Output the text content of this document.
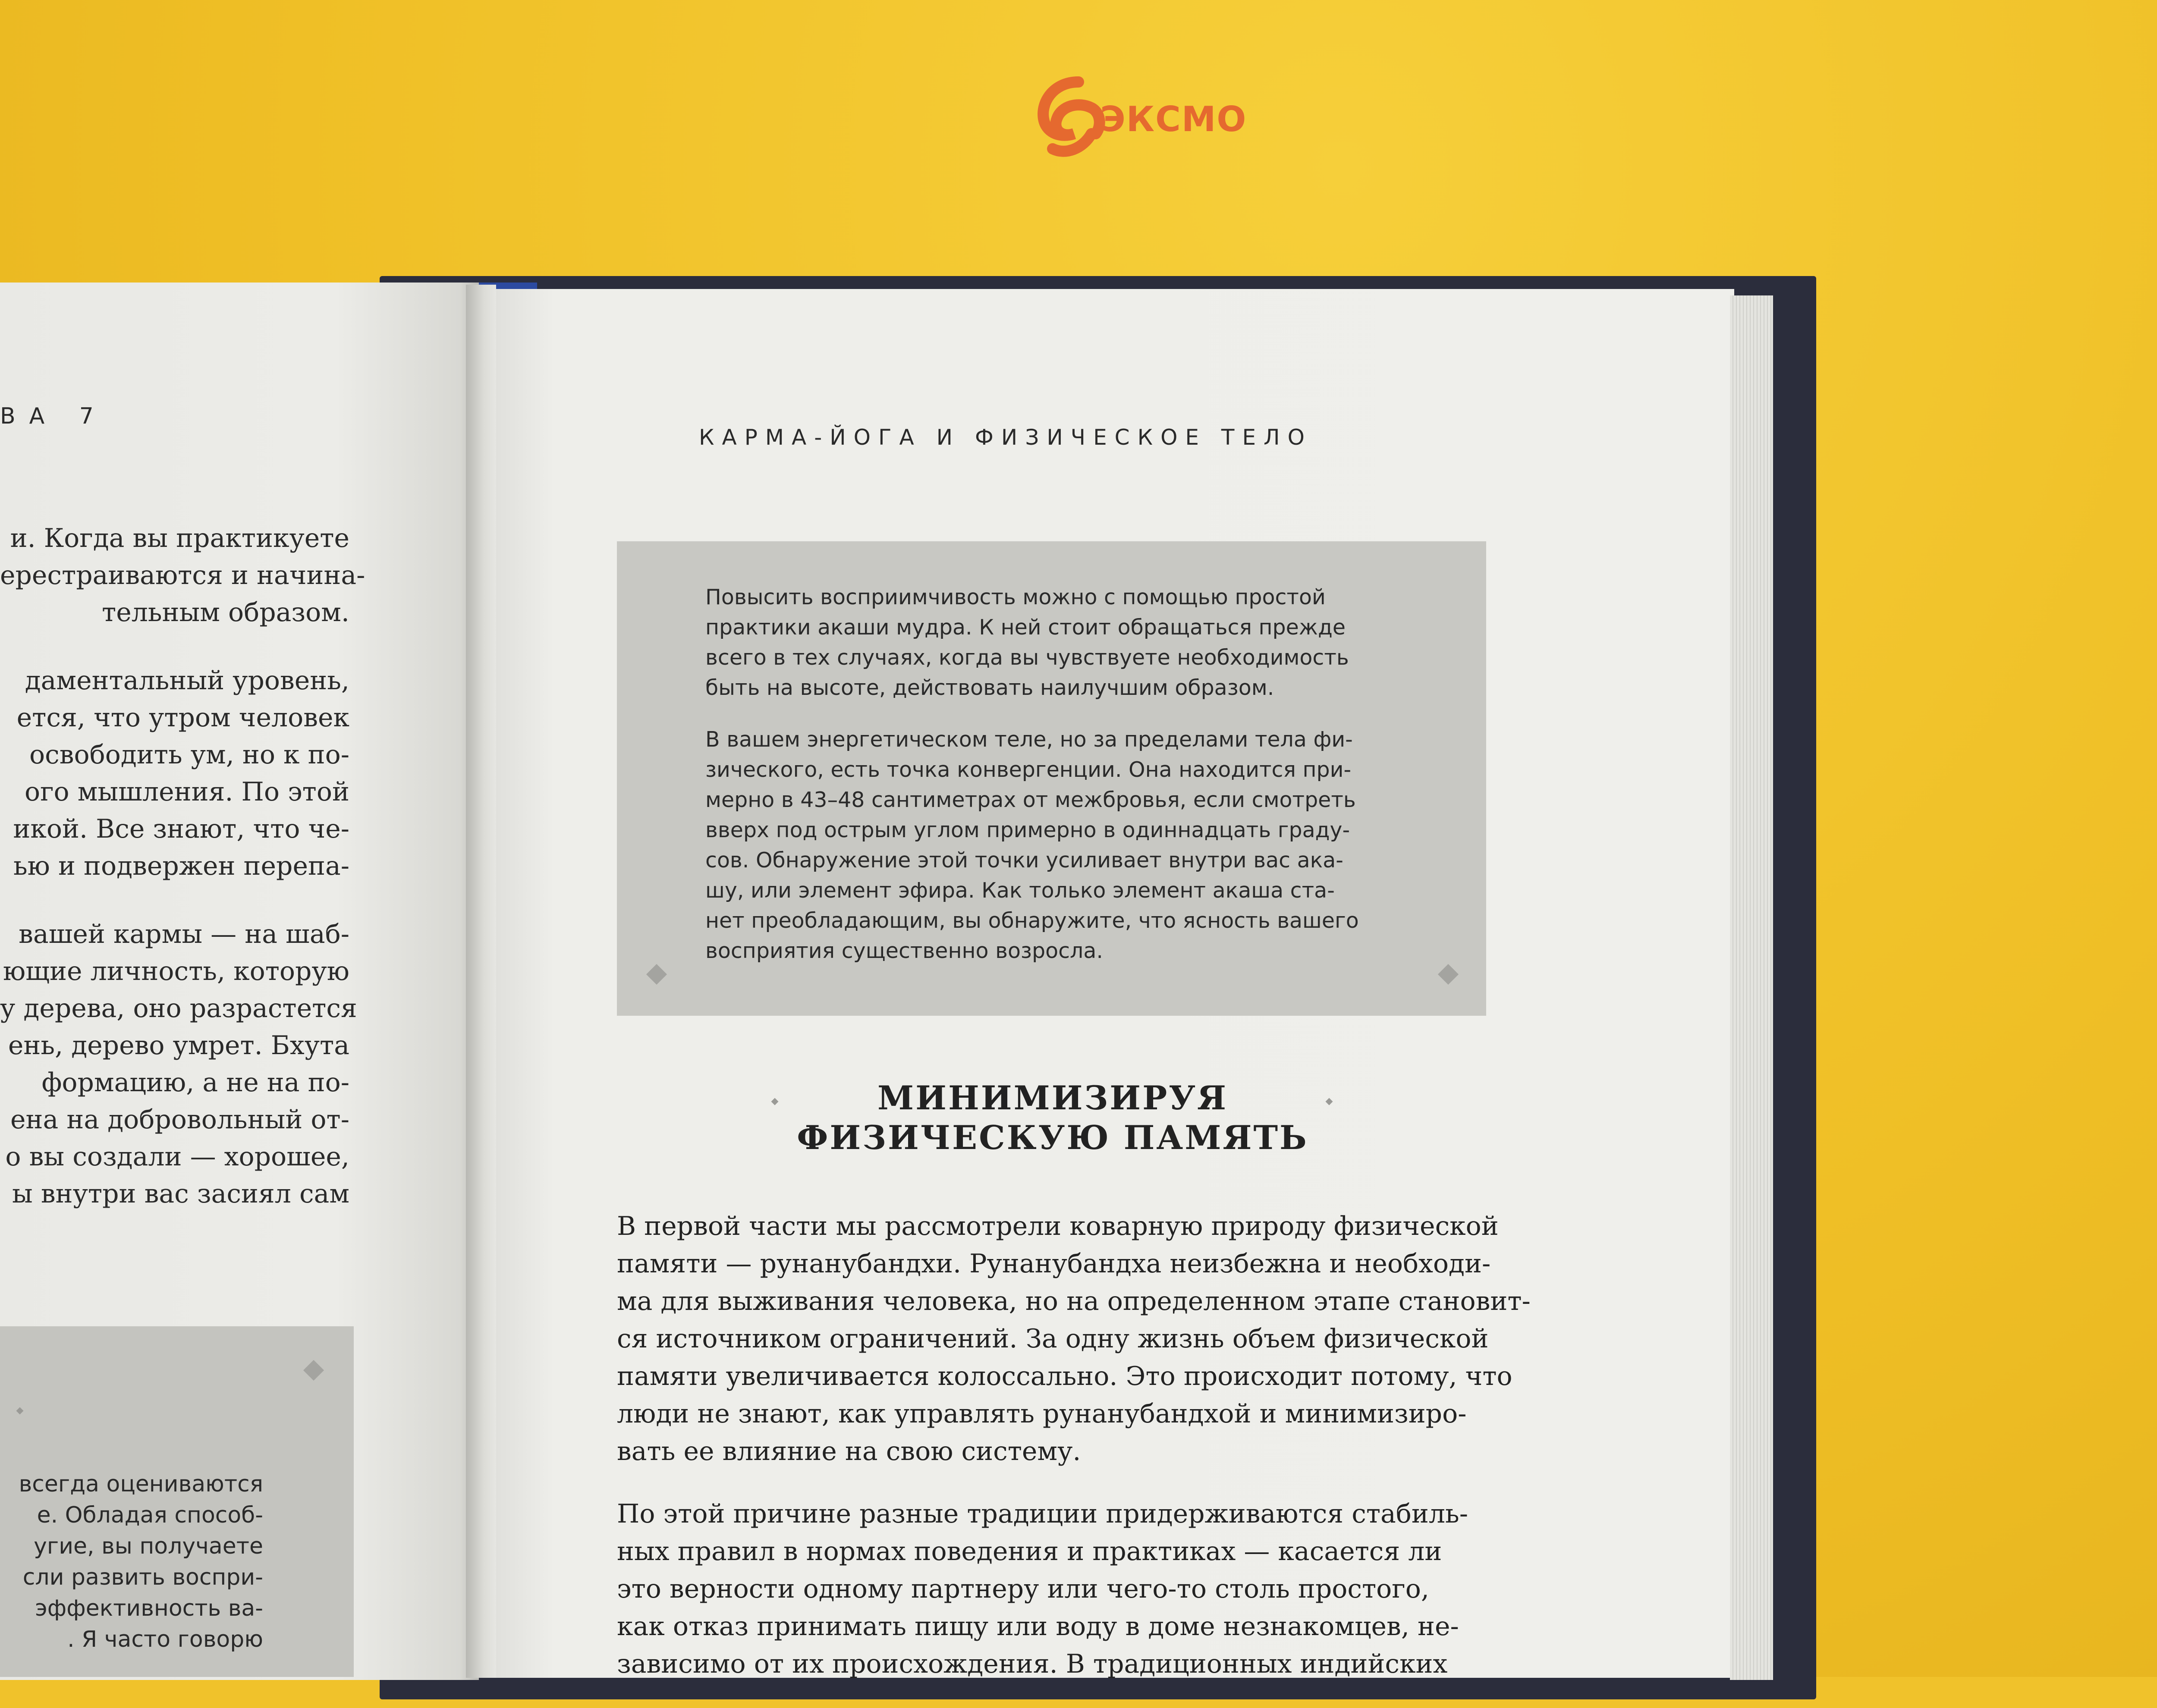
ЭКСМО
ВА 7
и. Когда вы практикуете
ерестраиваются и начина-
тельным образом.
даментальный уровень,
ется, что утром человек
освободить ум, но к по-
ого мышления. По этой
икой. Все знают, что че-
ью и подвержен перепа-
вашей кармы — на шаб-
ющие личность, которую
у дерева, оно разрастется
ень, дерево умрет. Бхута
формацию, а не на по-
ена на добровольный от-
о вы создали — хорошее,
ы внутри вас засиял сам
всегда оцениваются
е. Обладая способ-
угие, вы получаете
сли развить воспри-
эффективность ва-
. Я часто говорю
КАРМА-ЙОГА И ФИЗИЧЕСКОЕ ТЕЛО
Повысить восприимчивость можно с помощью простой
практики акаши мудра. К ней стоит обращаться прежде
всего в тех случаях, когда вы чувствуете необходимость
быть на высоте, действовать наилучшим образом.
В вашем энергетическом теле, но за пределами тела фи-
зического, есть точка конвергенции. Она находится при-
мерно в 43–48 сантиметрах от межбровья, если смотреть
вверх под острым углом примерно в одиннадцать граду-
сов. Обнаружение этой точки усиливает внутри вас ака-
шу, или элемент эфира. Как только элемент акаша ста-
нет преобладающим, вы обнаружите, что ясность вашего
восприятия существенно возросла.
МИНИМИЗИРУЯ
ФИЗИЧЕСКУЮ ПАМЯТЬ
В первой части мы рассмотрели коварную природу физической
памяти — рунанубандхи. Рунанубандха неизбежна и необходи-
ма для выживания человека, но на определенном этапе становит-
ся источником ограничений. За одну жизнь объем физической
памяти увеличивается колоссально. Это происходит потому, что
люди не знают, как управлять рунанубандхой и минимизиро-
вать ее влияние на свою систему.
По этой причине разные традиции придерживаются стабиль-
ных правил в нормах поведения и практиках — касается ли
это верности одному партнеру или чего-то столь простого,
как отказ принимать пищу или воду в доме незнакомцев, не-
зависимо от их происхождения. В традиционных индийских
